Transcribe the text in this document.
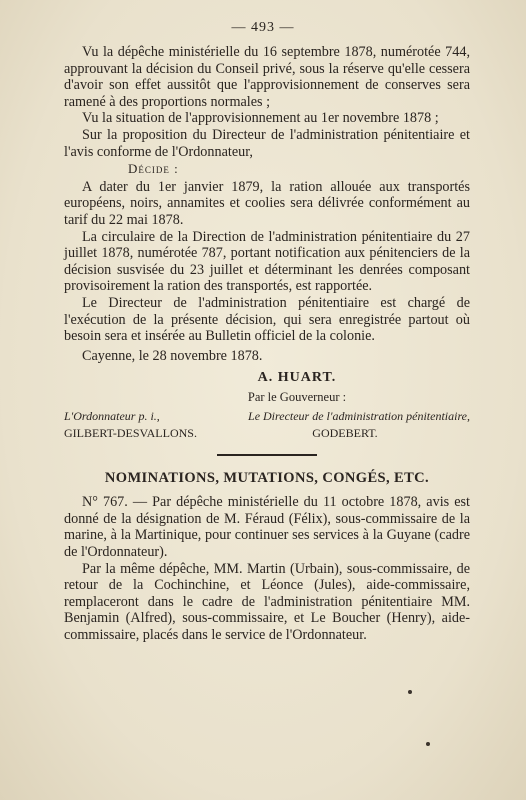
— 493 —

Vu la dépêche ministérielle du 16 septembre 1878, numérotée 744, approuvant la décision du Conseil privé, sous la réserve qu'elle cessera d'avoir son effet aussitôt que l'approvisionnement de conserves sera ramené à des proportions normales ;

Vu la situation de l'approvisionnement au 1er novembre 1878 ;

Sur la proposition du Directeur de l'administration pénitentiaire et l'avis conforme de l'Ordonnateur,

Décide :

A dater du 1er janvier 1879, la ration allouée aux transportés européens, noirs, annamites et coolies sera délivrée conformément au tarif du 22 mai 1878.

La circulaire de la Direction de l'administration pénitentiaire du 27 juillet 1878, numérotée 787, portant notification aux pénitenciers de la décision susvisée du 23 juillet et déterminant les denrées composant provisoirement la ration des transportés, est rapportée.

Le Directeur de l'administration pénitentiaire est chargé de l'exécution de la présente décision, qui sera enregistrée partout où besoin sera et insérée au Bulletin officiel de la colonie.

Cayenne, le 28 novembre 1878.

A. HUART.
Par le Gouverneur :
L'Ordonnateur p. i.,
GILBERT-DESVALLONS.
Le Directeur de l'administration pénitentiaire,
GODEBERT.
NOMINATIONS, MUTATIONS, CONGÉS, ETC.

N° 767. — Par dépêche ministérielle du 11 octobre 1878, avis est donné de la désignation de M. Féraud (Félix), sous-commissaire de la marine, à la Martinique, pour continuer ses services à la Guyane (cadre de l'Ordonnateur).

Par la même dépêche, MM. Martin (Urbain), sous-commissaire, de retour de la Cochinchine, et Léonce (Jules), aide-commissaire, remplaceront dans le cadre de l'administration pénitentiaire MM. Benjamin (Alfred), sous-commissaire, et Le Boucher (Henry), aide-commissaire, placés dans le service de l'Ordonnateur.
